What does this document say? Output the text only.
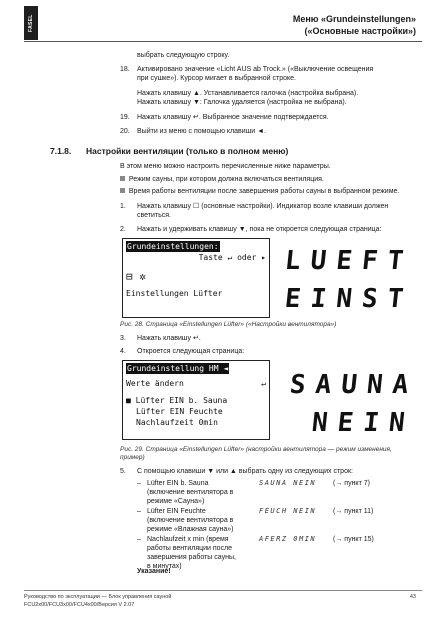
FASEL	Меню «Grundeinstellungen»
(«Основные настройки»)
выбрать следующую строку.
18.	Активировано значение «Licht AUS ab Trock.» («Выключение освещения
при сушке»). Курсор мигает в выбранной строке.
Нажать клавишу ▲. Устанавливается галочка (настройка выбрана).
Нажать клавишу ▼: Галочка удаляется (настройка не выбрана).
19.	Нажать клавишу ↵. Выбранное значение подтверждается.
20.	Выйти из меню с помощью клавиши ◄.
7.1.8. Настройки вентиляции (только в полном меню)
В этом меню можно настроить перечисленные ниже параметры.
Режим сауны, при котором должна включаться вентиляция.
Время работы вентиляции после завершения работы сауны в выбранном режиме.
1.	Нажать клавишу ☐ (основные настройки). Индикатор возле клавиши должен
светиться.
2.	Нажать и удерживать клавишу ▼, пока не откроется следующая страница:
Grundeinstellungen:
Taste ↵ oder ▸
⊟ ✲
Einstellungen Lüfter
LUEFT
EINST
Рис. 28. Страница «Einstellungen Lüfter» («Настройки вентилятора»)
3.	Нажать клавишу ↵.
4.	Откроется следующая страница:
Grundeinstellung HM ◄
Werte ändern	↵
■ Lüfter EIN b. Sauna
Lüfter EIN Feuchte
Nachlaufzeit 0min
SAUNA
NEIN
Рис. 29. Страница «Einstellungen Lüfter» (настройки вентилятора — режим изменения,
пример)
5.	С помощью клавиши ▼ или ▲ выбрать одну из следующих строк:
– Lüfter EIN b. Sauna
(включение вентилятора в
режиме «Сауна»)
SAUNA NEIN	(→ пункт 7)
– Lüfter EIN Feuchte
(включение вентилятора в
режиме «Влажная сауна»)
FEUCH NEIN	(→ пункт 11)
– Nachlaufzeit x min (время
работы вентиляции после
завершения работы сауны,
в минутах)
AFERZ 0MIN	(→ пункт 15)
Указание!
Руководство по эксплуатации — Блок управления сауной
FCU2x00/FCU3x00/FCU4x00/Версия V 2.07
43
